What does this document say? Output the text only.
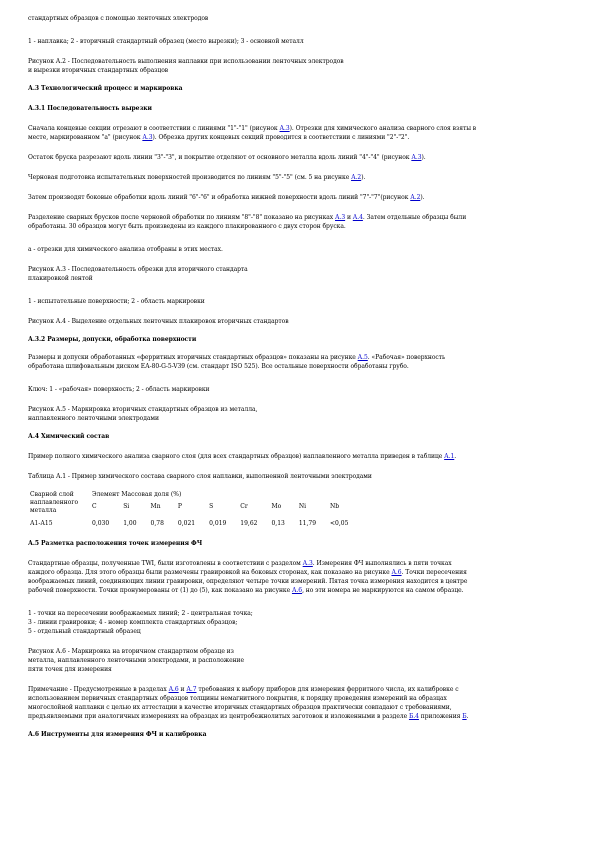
стандартных образцов с помощью ленточных электродов

1 - наплавка; 2 - вторичный стандартный образец (место вырезки); 3 - основной металл

Рисунок А.2 - Последовательность выполнения наплавки при использовании ленточных электродов
и вырезки вторичных стандартных образцов

А.3 Технологический процесс и маркировка

А.3.1 Последовательность вырезки

Сначала концевые секции отрезают в соответствии с линиями "1"-"1" (рисунок А.3). Отрезки для химического анализа сварного слоя взяты в
месте, маркированном "a" (рисунок А.3). Обрезка других концевых секций проводится в соответствии с линиями "2"-"2".

Остаток бруска разрезают вдоль линии "3"-"3", и покрытие отделяют от основного металла вдоль линий "4"-"4" (рисунок А.3).

Черновая подготовка испытательных поверхностей производится по линиям "5"-"5" (см. 5 на рисунке А.2).

Затем производят боковые обработки вдоль линий "6"-"6" и обработка нижней поверхности вдоль линий "7"-"7"(рисунок А.2).

Разделение сварных брусков после черновой обработки по линиям "8"-"8" показано на рисунках А.3 и А.4. Затем отдельные образцы были
обработаны. 30 образцов могут быть произведены из каждого плакированного с двух сторон бруска.

а - отрезки для химического анализа отобраны в этих местах.

Рисунок А.3 - Последовательность обрезки для вторичного стандарта
плакировкой лентой

1 - испытательные поверхности; 2 - область маркировки

Рисунок А.4 - Выделение отдельных ленточных плакировок вторичных стандартов

А.3.2 Размеры, допуски, обработка поверхности

Размеры и допуски обработанных «ферритных вторичных стандартных образцов» показаны на рисунке А.5. «Рабочая» поверхность
обработана шлифовальным диском ЕА-80-G-5-V39 (см. стандарт ISO 525). Все остальные поверхности обработаны грубо.

Ключ: 1 - «рабочая» поверхность; 2 - область маркировки

Рисунок А.5 - Маркировка вторичных стандартных образцов из металла,
наплавленного ленточными электродами

А.4 Химический состав

Пример полного химического анализа сварного слоя (для всех стандартных образцов) наплавленного металла приведен в таблице А.1.

Таблица А.1 - Пример химического состава сварного слоя наплавки, выполненной ленточными электродами

Сварной слой наплавленного металла	Элемент Массовая доля (%)								
	C	Si	Mn	P	S	Cr	Mo	Ni	Nb
А1-А15	0,030	1,00	0,78	0,021	0,019	19,62	0,13	11,79	<0,05

А.5 Разметка расположения точек измерения ФЧ

Стандартные образцы, полученные TWI, были изготовлены в соответствии с разделом А.3. Измерения ФЧ выполнялись в пяти точках
каждого образца. Для этого образцы были размечены гравировкой на боковых сторонах, как показано на рисунке А.6. Точки пересечения
воображаемых линий, соединяющих линии гравировки, определяют четыре точки измерений. Пятая точка измерения находится в центре
рабочей поверхности. Точки пронумерованы от (1) до (5), как показано на рисунке А.6, но эти номера не маркируются на самом образце.

1 - точки на пересечении воображаемых линий; 2 - центральная точка;
3 - линии гравировки; 4 - номер комплекта стандартных образцов;
5 - отдельный стандартный образец

Рисунок А.6 - Маркировка на вторичном стандартном образце из
металла, наплавленного ленточными электродами, и расположение
пяти точек для измерения

Примечание - Предусмотренные в разделах А.6 и А.7 требования к выбору приборов для измерения ферритного числа, их калибровке с
использованием первичных стандартных образцов толщины немагнитного покрытия, к порядку проведения измерений на образцах
многослойной наплавки с целью их аттестации в качестве вторичных стандартных образцов практически совпадают с требованиями,
предъявляемыми при аналогичных измерениях на образцах из центробежнолитых заготовок и изложенными в разделе Б.4 приложения Б.

А.6 Инструменты для измерения ФЧ и калибровка
